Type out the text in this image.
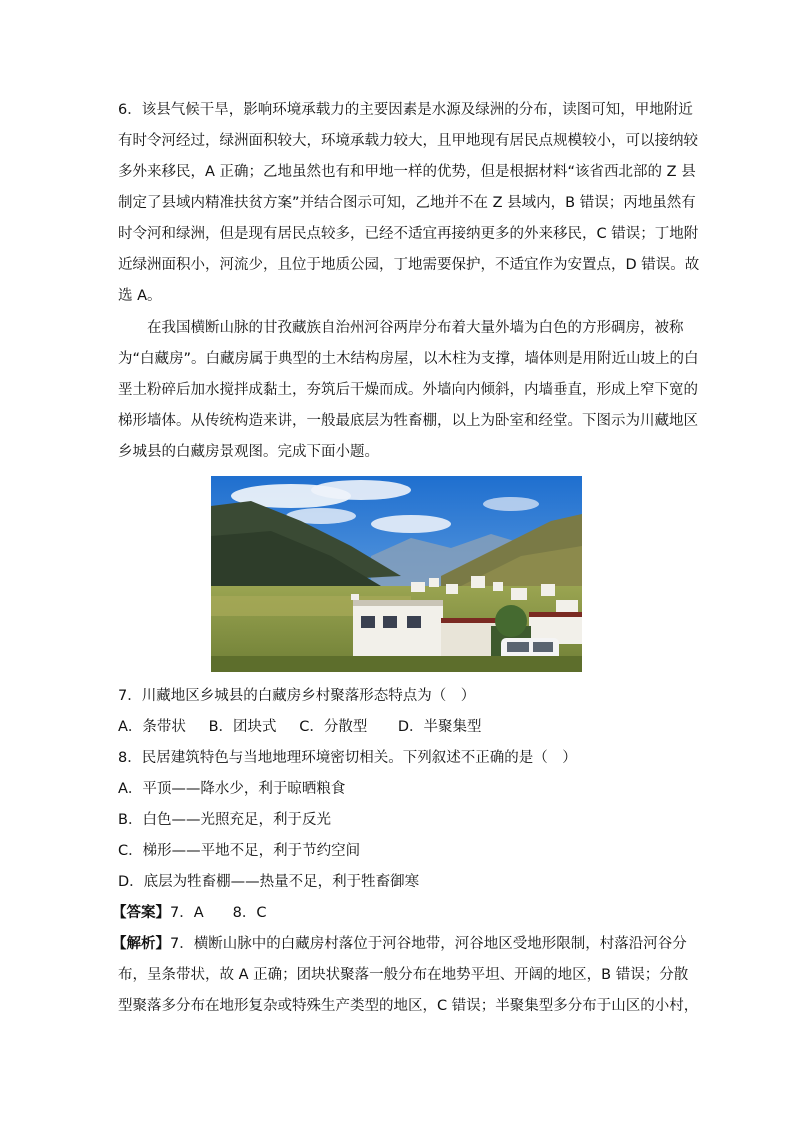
6．该县气候干旱，影响环境承载力的主要因素是水源及绿洲的分布，读图可知，甲地附近
有时令河经过，绿洲面积较大，环境承载力较大，且甲地现有居民点规模较小，可以接纳较
多外来移民，A 正确；乙地虽然也有和甲地一样的优势，但是根据材料“该省西北部的 Z 县
制定了县域内精准扶贫方案”并结合图示可知，乙地并不在 Z 县域内，B 错误；丙地虽然有
时令河和绿洲，但是现有居民点较多，已经不适宜再接纳更多的外来移民，C 错误；丁地附
近绿洲面积小，河流少，且位于地质公园，丁地需要保护，不适宜作为安置点，D 错误。故
选 A。
在我国横断山脉的甘孜藏族自治州河谷两岸分布着大量外墙为白色的方形碉房，被称
为“白藏房”。白藏房属于典型的土木结构房屋，以木柱为支撑，墙体则是用附近山坡上的白
垩土粉碎后加水搅拌成黏土，夯筑后干燥而成。外墙向内倾斜，内墙垂直，形成上窄下宽的
梯形墙体。从传统构造来讲，一般最底层为牲畜棚，以上为卧室和经堂。下图示为川藏地区
乡城县的白藏房景观图。完成下面小题。
7．川藏地区乡城县的白藏房乡村聚落形态特点为（　）
A．条带状 B．团块式 C．分散型 D．半聚集型
8．民居建筑特色与当地地理环境密切相关。下列叙述不正确的是（　）
A．平顶——降水少，利于晾晒粮食
B．白色——光照充足，利于反光
C．梯形——平地不足，利于节约空间
D．底层为牲畜棚——热量不足，利于牲畜御寒
【答案】7．A　　8．C
【解析】7．横断山脉中的白藏房村落位于河谷地带，河谷地区受地形限制，村落沿河谷分
布，呈条带状，故 A 正确；团块状聚落一般分布在地势平坦、开阔的地区，B 错误；分散
型聚落多分布在地形复杂或特殊生产类型的地区，C 错误；半聚集型多分布于山区的小村，
